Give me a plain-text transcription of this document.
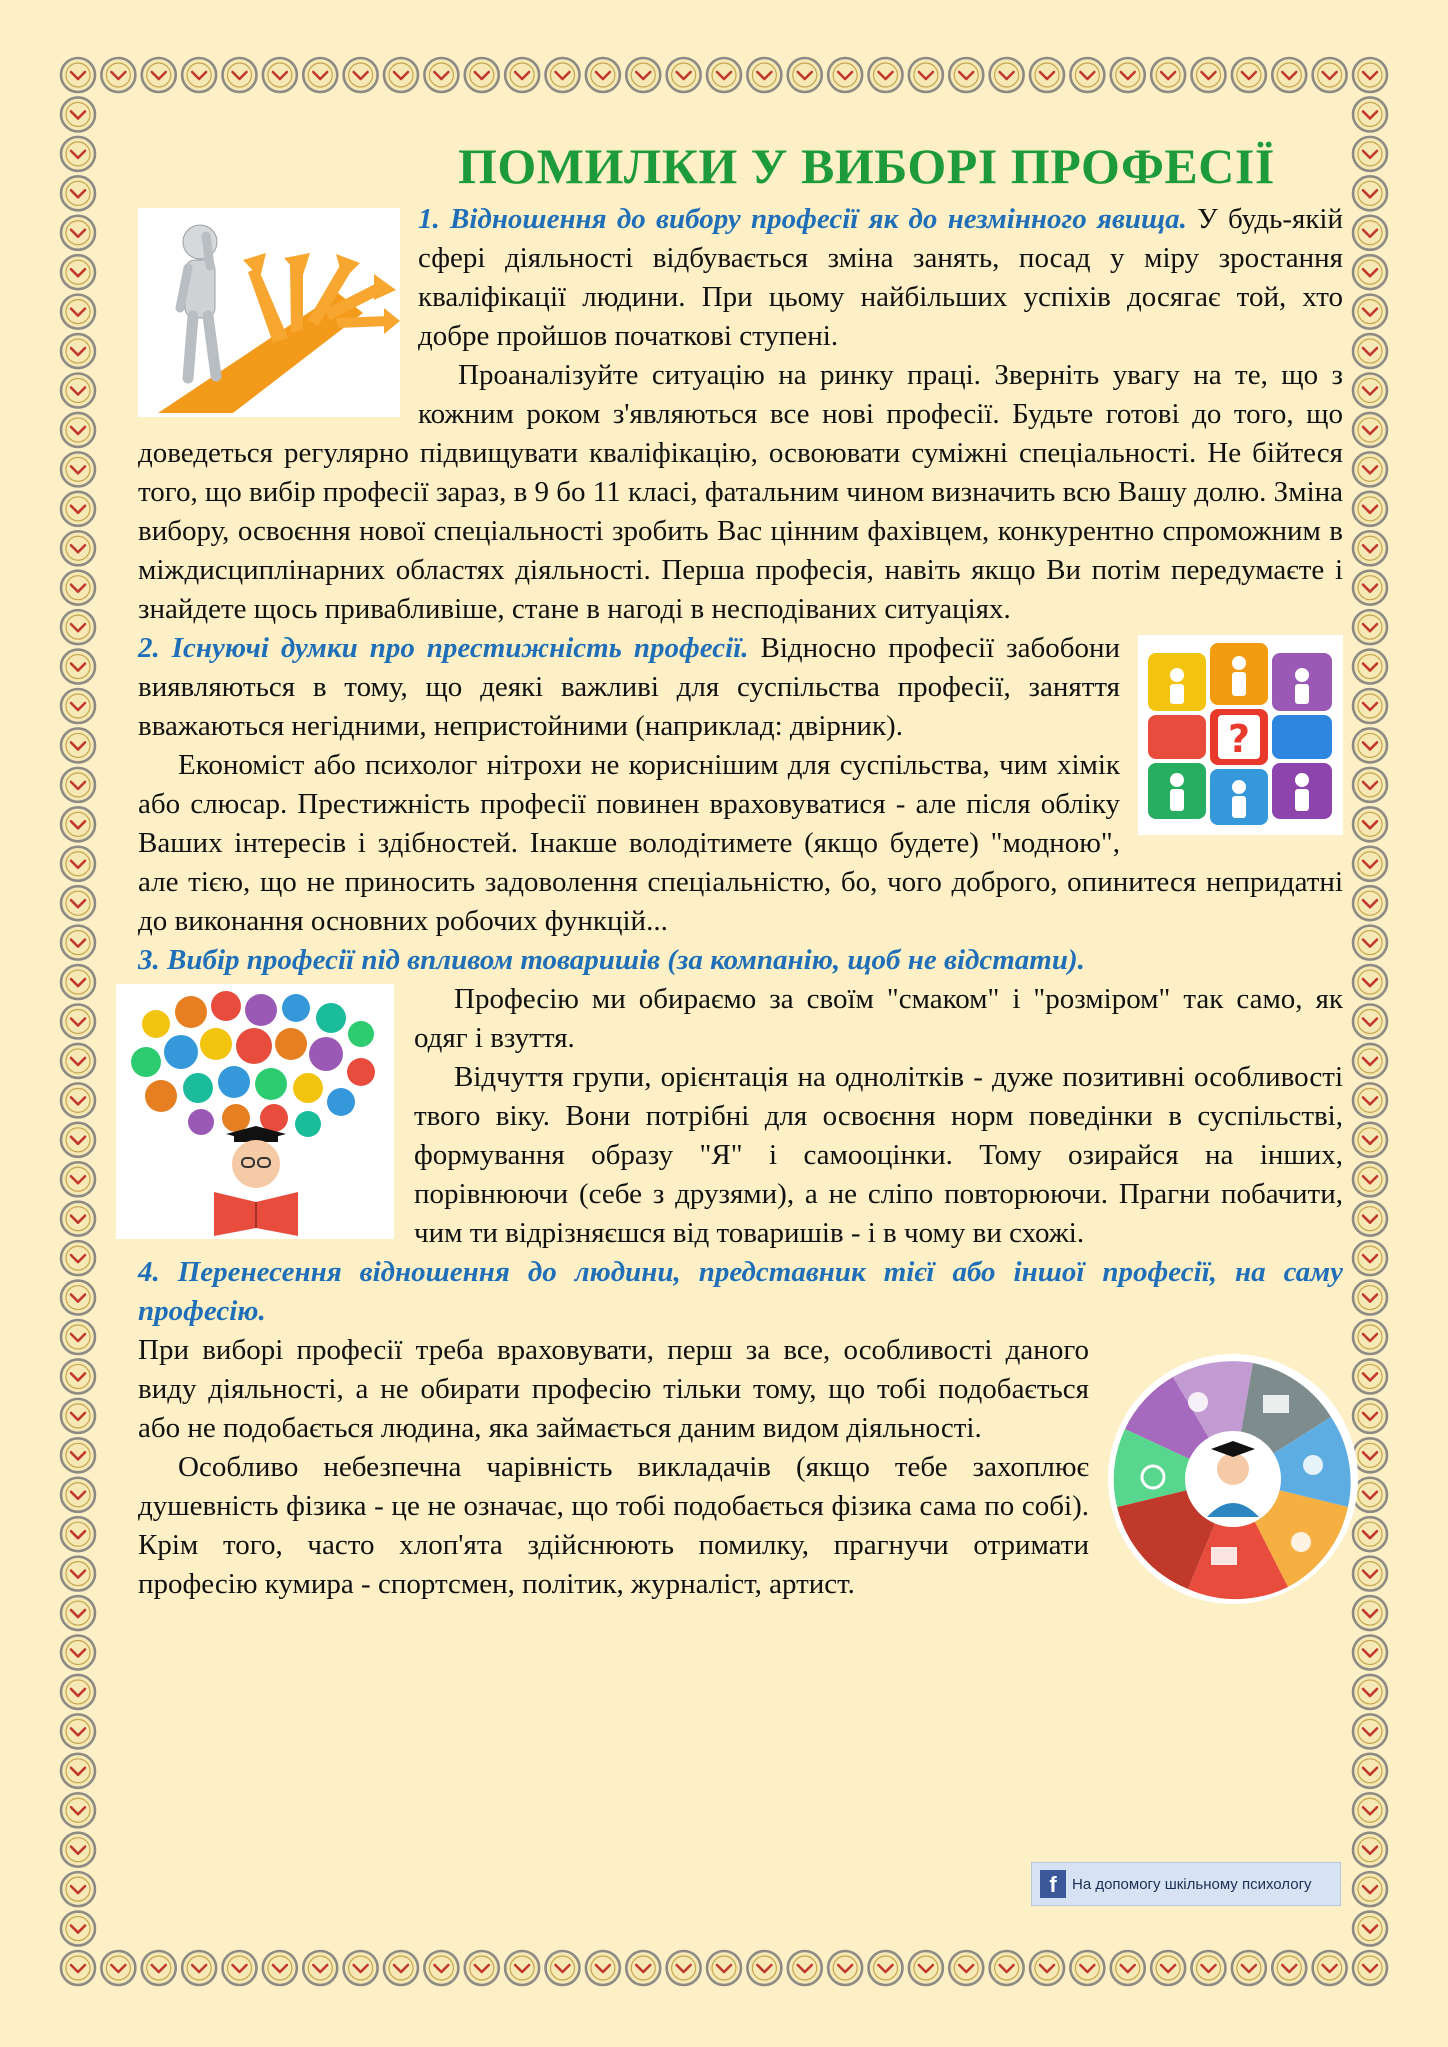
ПОМИЛКИ У ВИБОРІ ПРОФЕСІЇ

1. Відношення до вибору професії як до незмінного явища. У будь-якій сфері діяльності відбувається зміна занять, посад у міру зростання кваліфікації людини. При цьому найбільших успіхів досягає той, хто добре пройшов початкові ступені.

Проаналізуйте ситуацію на ринку праці. Зверніть увагу на те, що з кожним роком з'являються все нові професії. Будьте готові до того, що доведеться регулярно підвищувати кваліфікацію, освоювати суміжні спеціальності. Не бійтеся того, що вибір професії зараз, в 9 бо 11 класі, фатальним чином визначить всю Вашу долю. Зміна вибору, освоєння нової спеціальності зробить Вас цінним фахівцем, конкурентно спроможним в міждисциплінарних областях діяльності. Перша професія, навіть якщо Ви потім передумаєте і знайдете щось привабливіше, стане в нагоді в несподіваних ситуаціях.

?

2. Існуючі думки про престижність професії. Відносно професії забобони виявляються в тому, що деякі важливі для суспільства професії, заняття вважаються негідними, непристойними (наприклад: двірник).

Економіст або психолог нітрохи не кориснішим для суспільства, чим хімік або слюсар. Престижність професії повинен враховуватися - але після обліку Ваших інтересів і здібностей. Інакше володітимете (якщо будете) "модною", але тією, що не приносить задоволення спеціальністю, бо, чого доброго, опинитеся непридатні до виконання основних робочих функцій...

3. Вибір професії під впливом товаришів (за компанію, щоб не відстати).

Професію ми обираємо за своїм "смаком" і "розміром" так само, як одяг і взуття.

Відчуття групи, орієнтація на однолітків - дуже позитивні особливості твого віку. Вони потрібні для освоєння норм поведінки в суспільстві, формування образу "Я" і самооцінки. Тому озирайся на інших, порівнюючи (себе з друзями), а не сліпо повторюючи. Прагни побачити, чим ти відрізняєшся від товаришів - і в чому ви схожі.

4. Перенесення відношення до людини, представник тієї або іншої професії, на саму професію.

При виборі професії треба враховувати, перш за все, особливості даного виду діяльності, а не обирати професію тільки тому, що тобі подобається або не подобається людина, яка займається даним видом діяльності.

Особливо небезпечна чарівність викладачів (якщо тебе захоплює душевність фізика - це не означає, що тобі подобається фізика сама по собі). Крім того, часто хлоп'ята здійснюють помилку, прагнучи отримати професію кумира - спортсмен, політик, журналіст, артист.

f	На допомогу шкільному психологу
